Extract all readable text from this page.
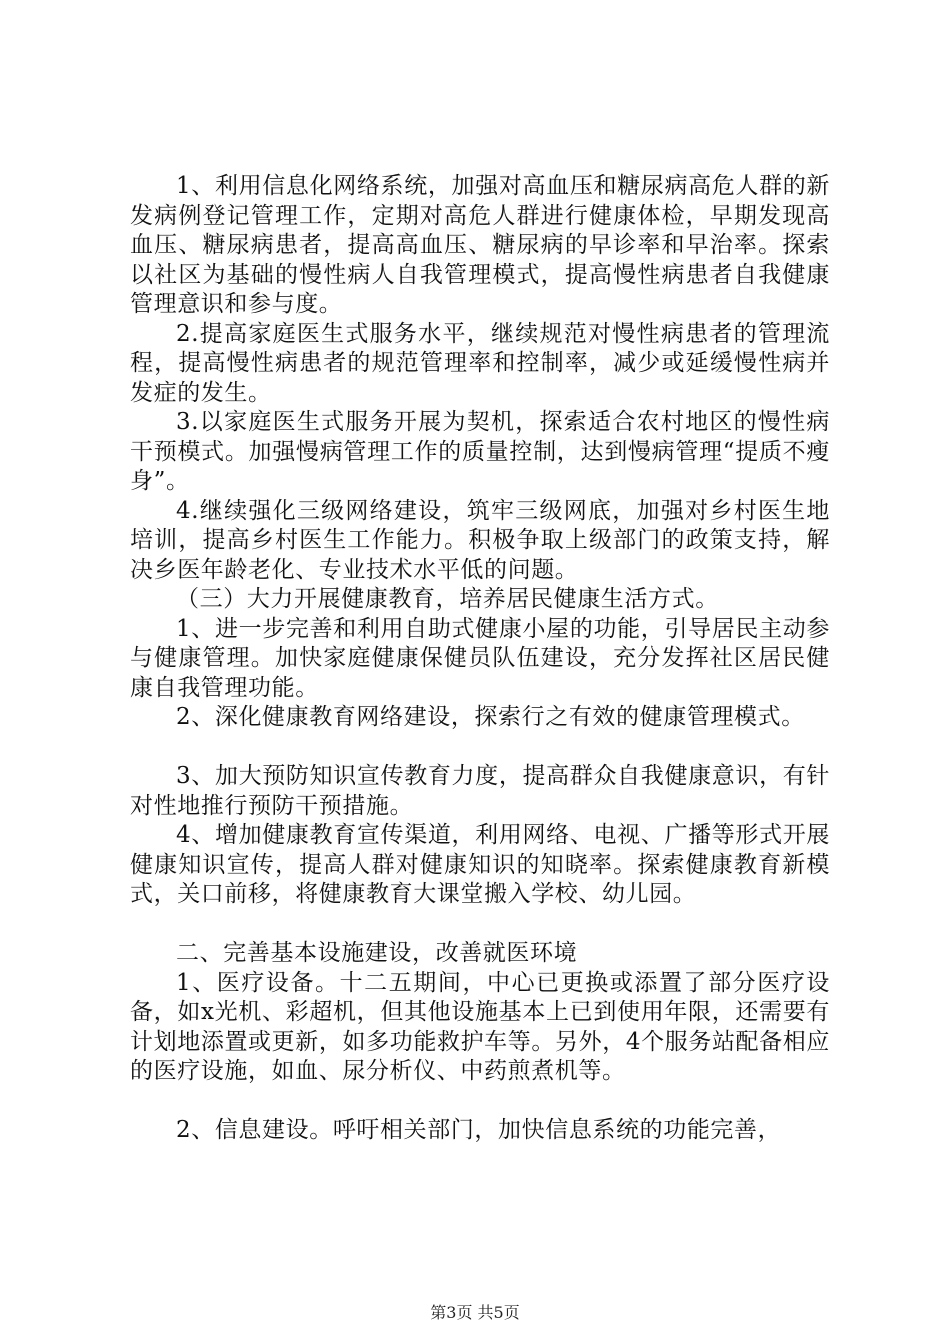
1、利用信息化网络系统，加强对高血压和糖尿病高危人群的新发病例登记管理工作，定期对高危人群进行健康体检，早期发现高血压、糖尿病患者，提高高血压、糖尿病的早诊率和早治率。探索以社区为基础的慢性病人自我管理模式，提高慢性病患者自我健康管理意识和参与度。

2.提高家庭医生式服务水平，继续规范对慢性病患者的管理流程，提高慢性病患者的规范管理率和控制率，减少或延缓慢性病并发症的发生。

3.以家庭医生式服务开展为契机，探索适合农村地区的慢性病干预模式。加强慢病管理工作的质量控制，达到慢病管理“提质不瘦身”。

4.继续强化三级网络建设，筑牢三级网底，加强对乡村医生地培训，提高乡村医生工作能力。积极争取上级部门的政策支持，解决乡医年龄老化、专业技术水平低的问题。

（三）大力开展健康教育，培养居民健康生活方式。

1、进一步完善和利用自助式健康小屋的功能，引导居民主动参与健康管理。加快家庭健康保健员队伍建设，充分发挥社区居民健康自我管理功能。

2、深化健康教育网络建设，探索行之有效的健康管理模式。

3、加大预防知识宣传教育力度，提高群众自我健康意识，有针对性地推行预防干预措施。

4、增加健康教育宣传渠道，利用网络、电视、广播等形式开展健康知识宣传，提高人群对健康知识的知晓率。探索健康教育新模式，关口前移，将健康教育大课堂搬入学校、幼儿园。

二、完善基本设施建设，改善就医环境

1、医疗设备。十二五期间，中心已更换或添置了部分医疗设备，如x光机、彩超机，但其他设施基本上已到使用年限，还需要有计划地添置或更新，如多功能救护车等。另外，4个服务站配备相应的医疗设施，如血、尿分析仪、中药煎煮机等。

2、信息建设。呼吁相关部门，加快信息系统的功能完善，

第3页 共5页
